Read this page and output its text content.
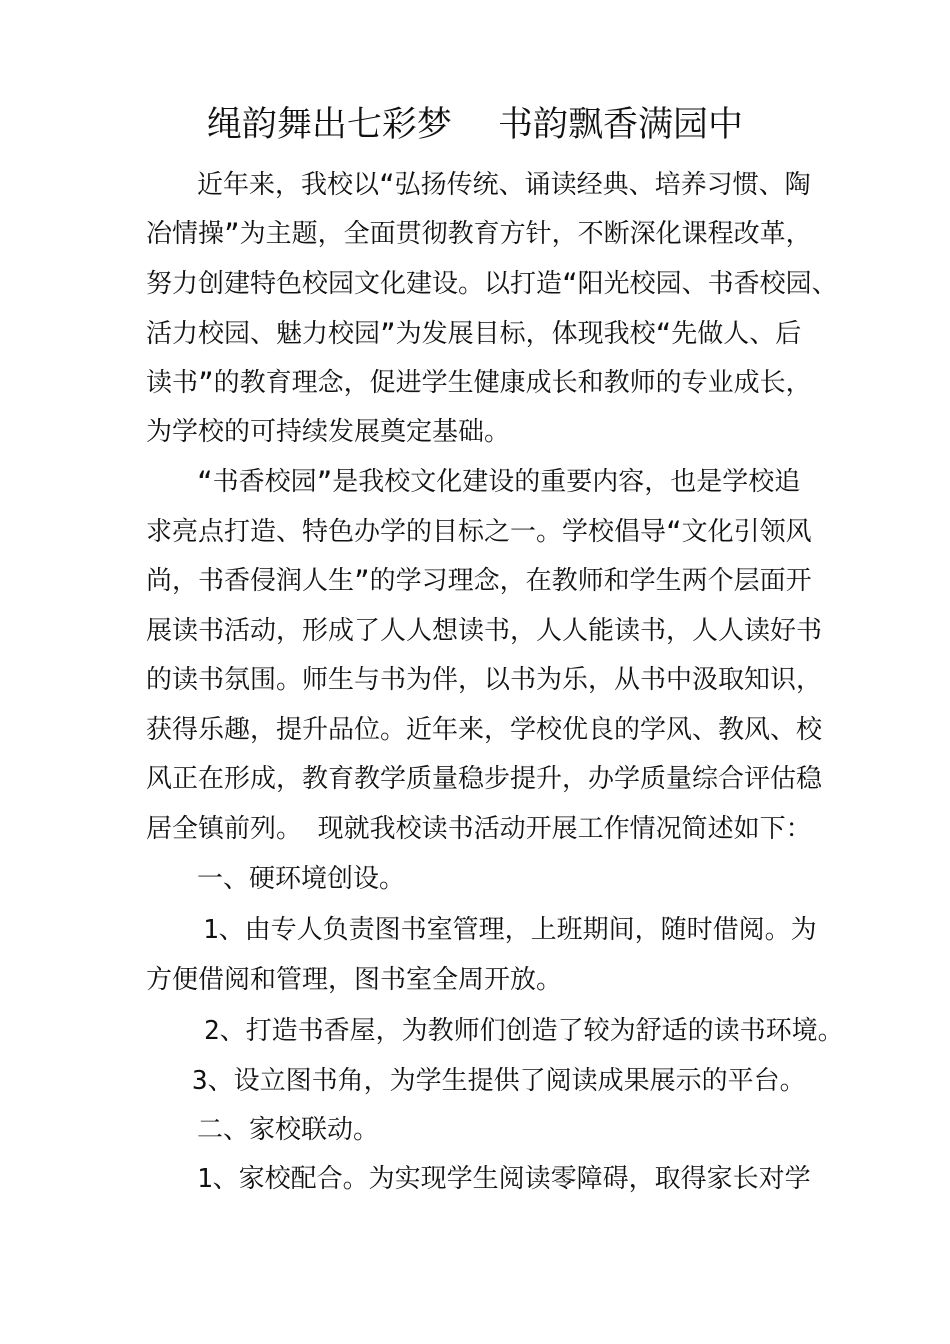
绳韵舞出七彩梦　 书韵飘香满园中
近年来，我校以“弘扬传统、诵读经典、培养习惯、陶
冶情操”为主题，全面贯彻教育方针，不断深化课程改革，
努力创建特色校园文化建设。以打造“阳光校园、书香校园、
活力校园、魅力校园”为发展目标，体现我校“先做人、后
读书”的教育理念，促进学生健康成长和教师的专业成长，
为学校的可持续发展奠定基础。
“书香校园”是我校文化建设的重要内容，也是学校追
求亮点打造、特色办学的目标之一。学校倡导“文化引领风
尚，书香侵润人生”的学习理念，在教师和学生两个层面开
展读书活动，形成了人人想读书，人人能读书，人人读好书
的读书氛围。师生与书为伴，以书为乐，从书中汲取知识，
获得乐趣，提升品位。近年来，学校优良的学风、教风、校
风正在形成，教育教学质量稳步提升，办学质量综合评估稳
居全镇前列。 现就我校读书活动开展工作情况简述如下：
一、硬环境创设。
1、由专人负责图书室管理，上班期间，随时借阅。为
方便借阅和管理，图书室全周开放。
2、打造书香屋，为教师们创造了较为舒适的读书环境。
3、设立图书角，为学生提供了阅读成果展示的平台。
二、家校联动。
1、家校配合。为实现学生阅读零障碍，取得家长对学
